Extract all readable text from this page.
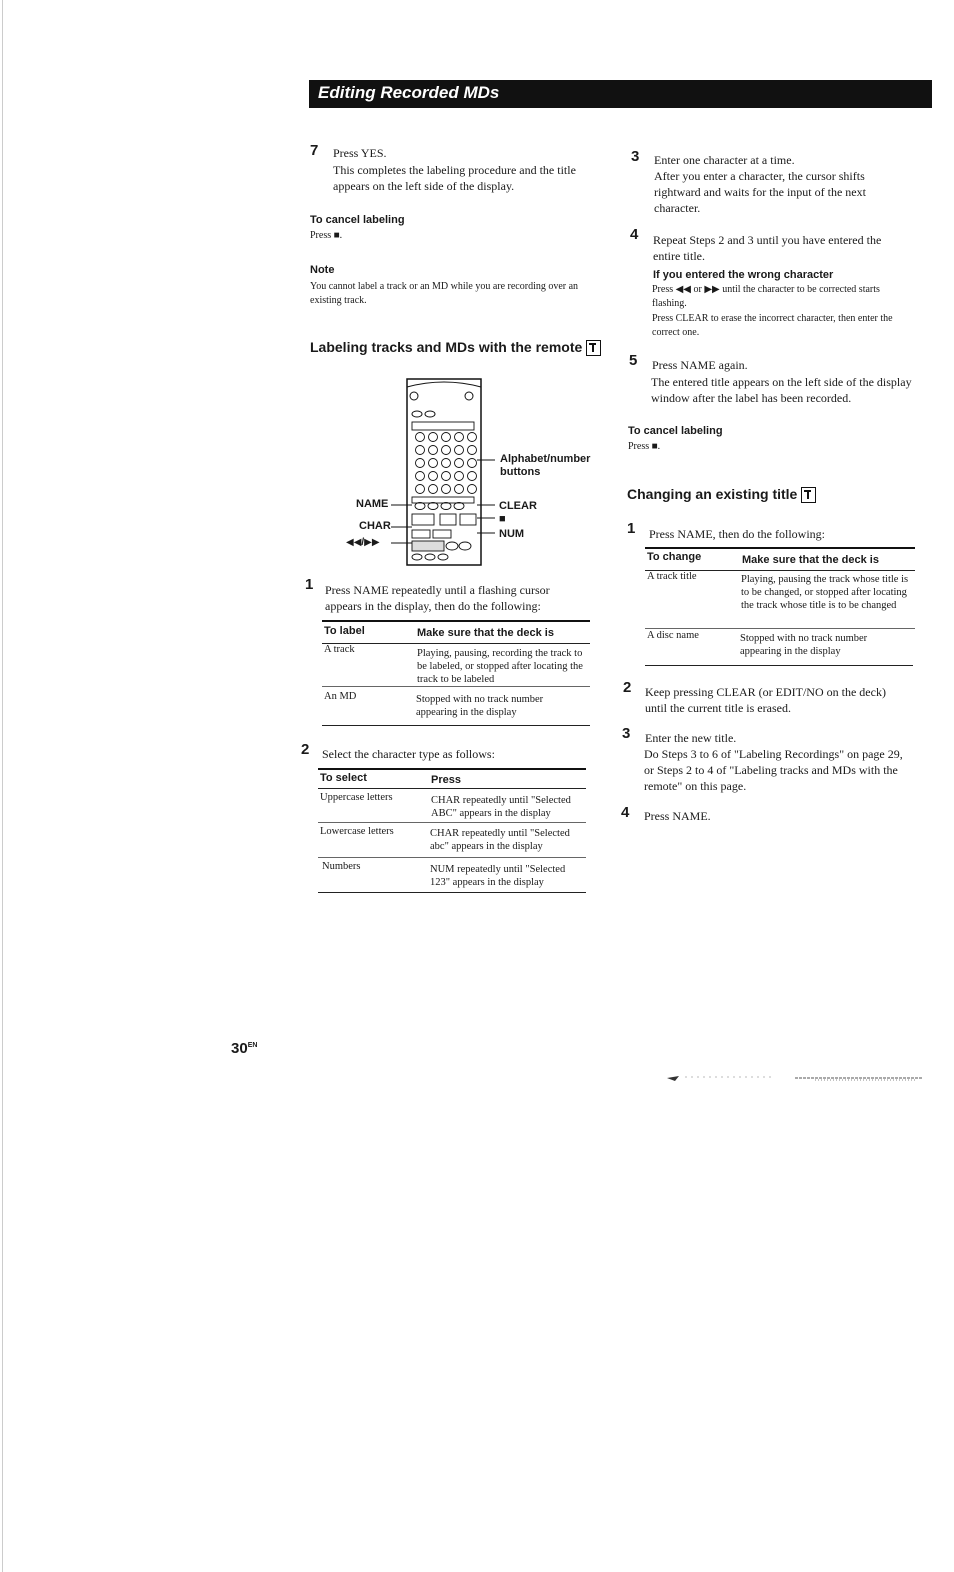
Editing Recorded MDs
7 Press YES.
This completes the labeling procedure and the title appears on the left side of the display.
To cancel labeling
Press ■.
Note
You cannot label a track or an MD while you are recording over an existing track.
Labeling tracks and MDs with the remote
Alphabet/number buttons
NAME	CLEAR
CHAR
■
NUM
◀◀/▶▶
1 Press NAME repeatedly until a flashing cursor appears in the display, then do the following:
To label	Make sure that the deck is
A track	Playing, pausing, recording the track to be labeled, or stopped after locating the track to be labeled
An MD	Stopped with no track number appearing in the display
2 Select the character type as follows:
To select	Press
Uppercase letters	CHAR repeatedly until "Selected ABC" appears in the display
Lowercase letters	CHAR repeatedly until "Selected abc" appears in the display
Numbers	NUM repeatedly until "Selected 123" appears in the display
3 Enter one character at a time.
After you enter a character, the cursor shifts rightward and waits for the input of the next character.
4 Repeat Steps 2 and 3 until you have entered the entire title.
If you entered the wrong character
Press ◀◀ or ▶▶ until the character to be corrected starts flashing.
Press CLEAR to erase the incorrect character, then enter the correct one.
5 Press NAME again.
The entered title appears on the left side of the display window after the label has been recorded.
To cancel labeling
Press ■.
Changing an existing title
1 Press NAME, then do the following:
To change	Make sure that the deck is
A track title	Playing, pausing the track whose title is to be changed, or stopped after locating the track whose title is to be changed
A disc name	Stopped with no track number appearing in the display
2 Keep pressing CLEAR (or EDIT/NO on the deck) until the current title is erased.
3 Enter the new title.
Do Steps 3 to 6 of "Labeling Recordings" on page 29, or Steps 2 to 4 of "Labeling tracks and MDs with the remote" on this page.
4 Press NAME.
$30^{EN}$
